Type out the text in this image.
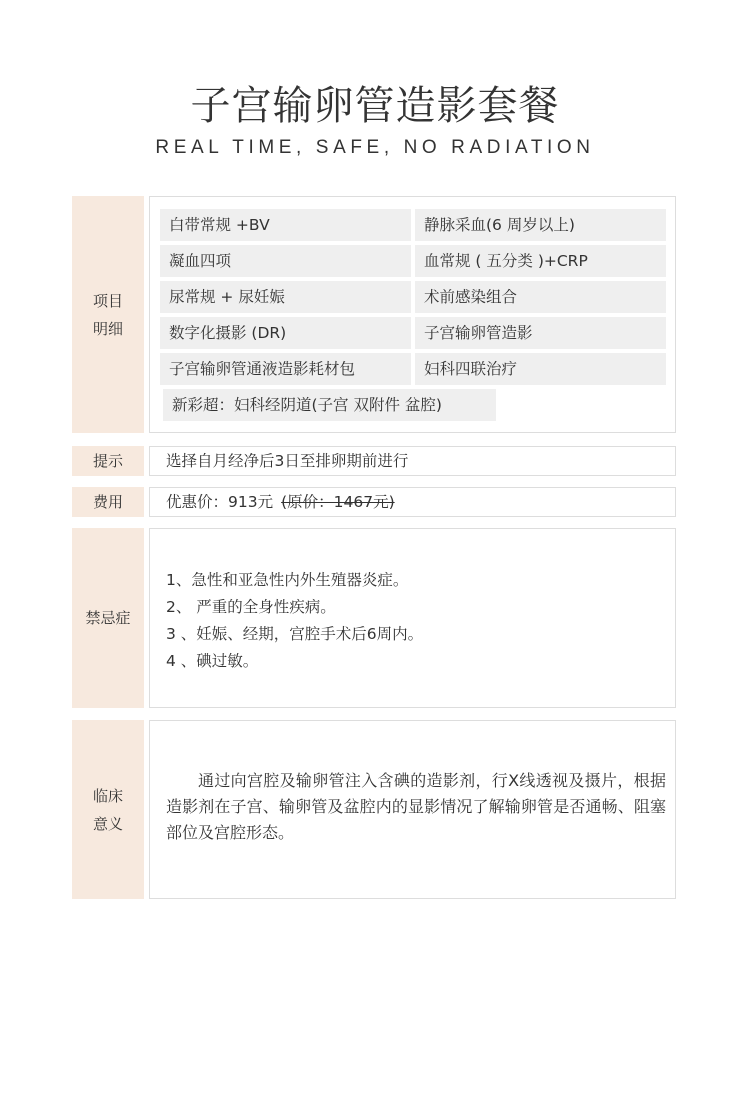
子宫输卵管造影套餐
REAL TIME, SAFE, NO RADIATION
项目
明细
白带常规 +BV	静脉采血(6 周岁以上)
凝血四项	血常规 ( 五分类 )+CRP
尿常规 + 尿妊娠	术前感染组合
数字化摄影 (DR)	子宫输卵管造影
子宫输卵管通液造影耗材包	妇科四联治疗
新彩超：妇科经阴道(子宫 双附件 盆腔)
提示	选择自月经净后3日至排卵期前进行
费用	优惠价：913元 (原价：1467元)
禁忌症
1、急性和亚急性内外生殖器炎症。
2、 严重的全身性疾病。
3 、妊娠、经期，宫腔手术后6周内。
4 、碘过敏。
临床
意义
通过向宫腔及输卵管注入含碘的造影剂，行X线透视及摄片，根据造影剂在子宫、输卵管及盆腔内的显影情况了解输卵管是否通畅、阻塞部位及宫腔形态。
